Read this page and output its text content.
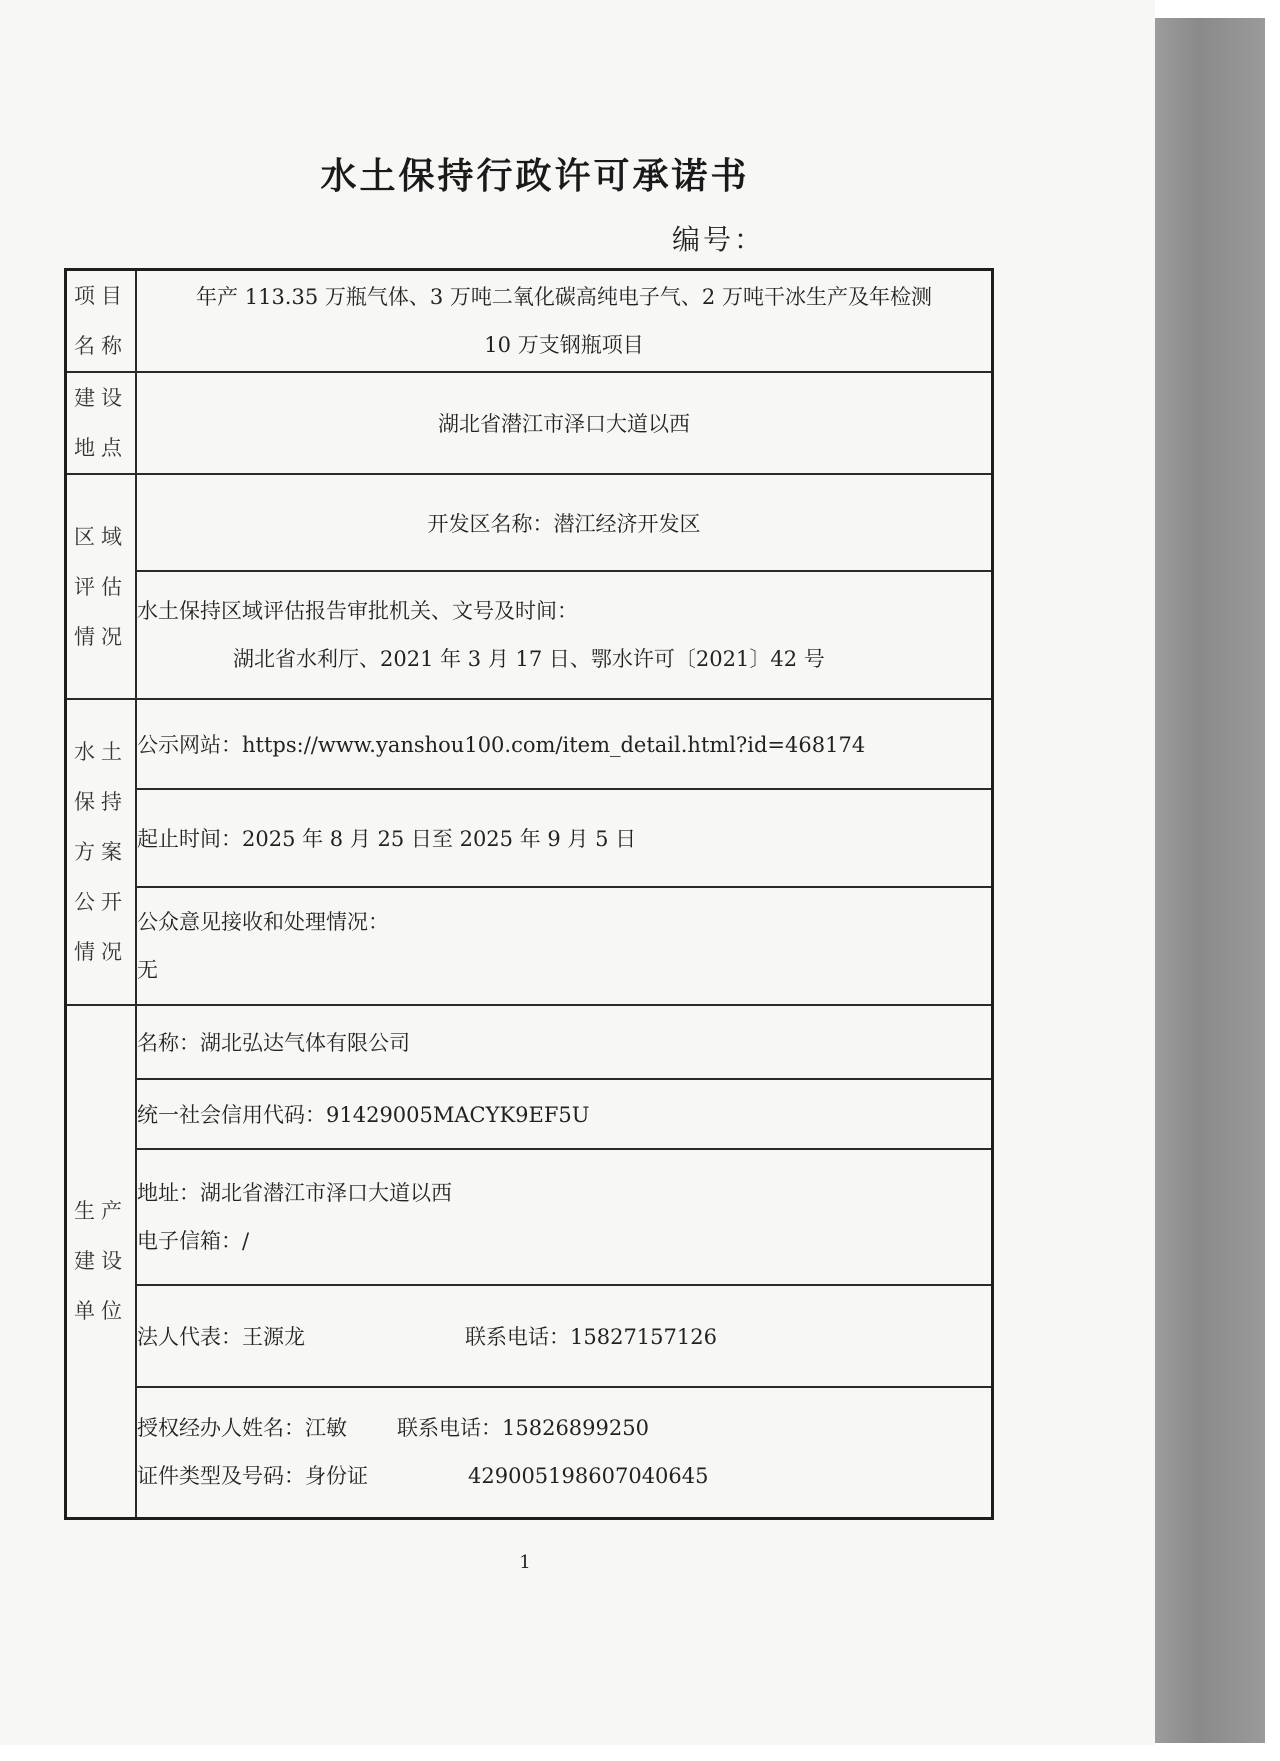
水土保持行政许可承诺书
编号：
项目名称	年产 113.35 万瓶气体、3 万吨二氧化碳高纯电子气、2 万吨干冰生产及年检测
10 万支钢瓶项目

建设地点	湖北省潜江市泽口大道以西
区域评估情况	开发区名称：潜江经济开发区

	水土保持区域评估报告审批机关、文号及时间：
湖北省水利厅、2021 年 3 月 17 日、鄂水许可〔2021〕42 号

水土保持方案公开情况	公示网站：https://www.yanshou100.com/item_detail.html?id=468174
	起止时间：2025 年 8 月 25 日至 2025 年 9 月 5 日

	公众意见接收和处理情况：
无

生产建设单位	名称：湖北弘达气体有限公司
	统一社会信用代码：91429005MACYK9EF5U

	地址：湖北省潜江市泽口大道以西
电子信箱：/

	法人代表：王源龙 联系电话：15827157126

	授权经办人姓名：江敏 联系电话：15826899250
证件类型及号码：身份证 429005198607040645
1
